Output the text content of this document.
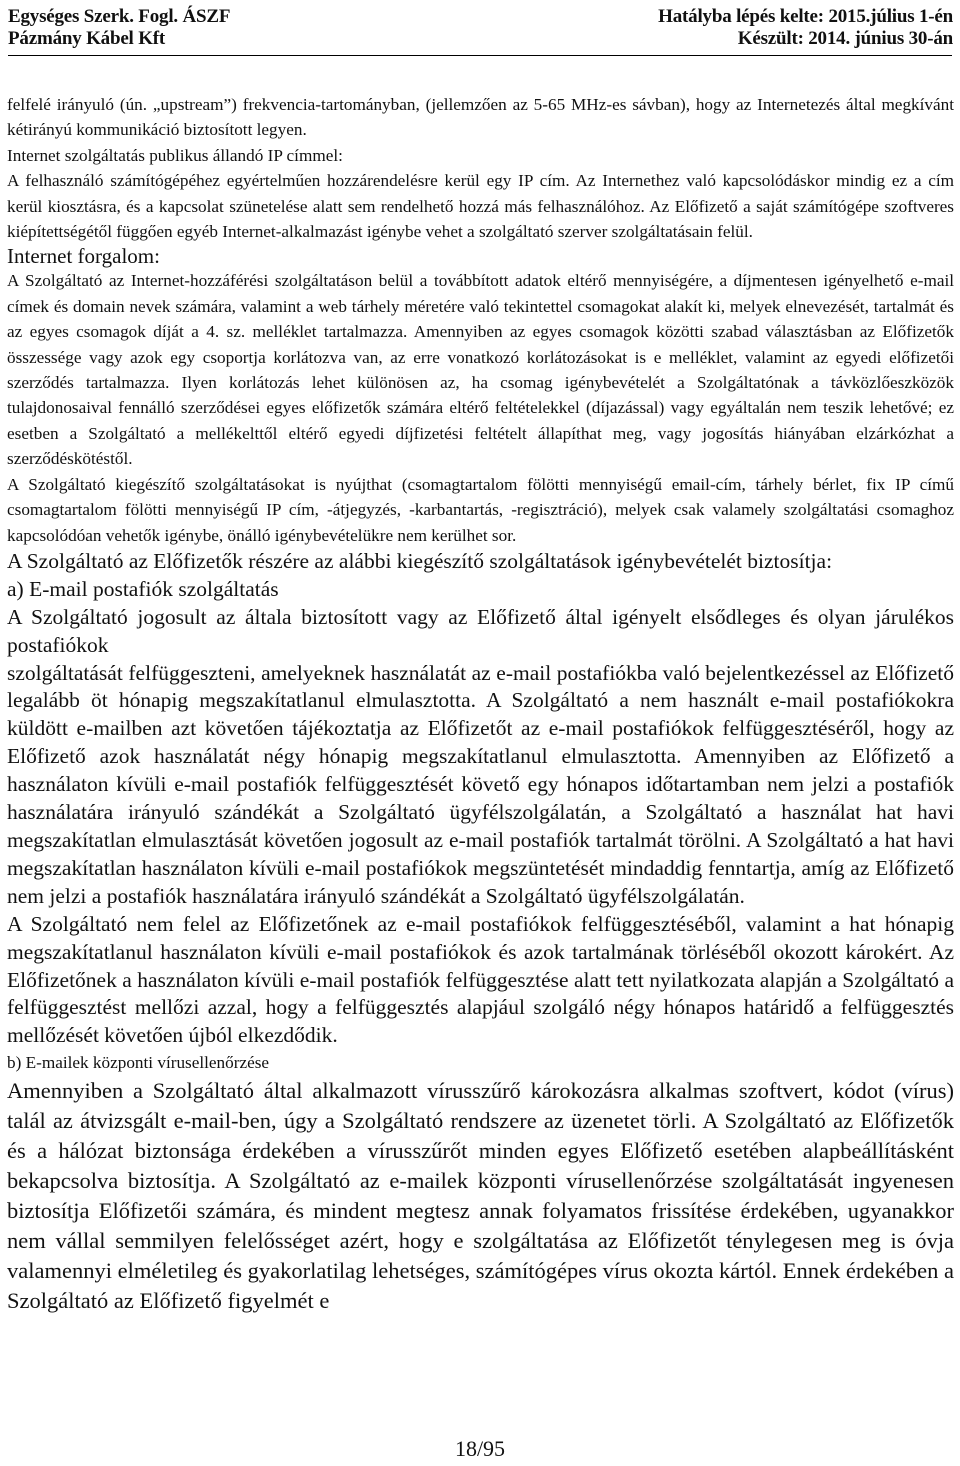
Egységes Szerk. Fogl. ÁSZF
Pázmány Kábel Kft
Hatályba lépés kelte: 2015.július 1-én
Készült: 2014. június 30-án

felfelé irányuló (ún. „upstream”) frekvencia-tartományban, (jellemzően az 5-65 MHz-es sávban), hogy az Internetezés által megkívánt kétirányú kommunikáció biztosított legyen.

Internet szolgáltatás publikus állandó IP címmel:

A felhasználó számítógépéhez egyértelműen hozzárendelésre kerül egy IP cím. Az Internethez való kapcsolódáskor mindig ez a cím kerül kiosztásra, és a kapcsolat szünetelése alatt sem rendelhető hozzá más felhasználóhoz. Az Előfizető a saját számítógépe szoftveres kiépítettségétől függően egyéb Internet-alkalmazást igénybe vehet a szolgáltató szerver szolgáltatásain felül.

Internet forgalom:

A Szolgáltató az Internet-hozzáférési szolgáltatáson belül a továbbított adatok eltérő mennyiségére, a díjmentesen igényelhető e-mail címek és domain nevek számára, valamint a web tárhely méretére való tekintettel csomagokat alakít ki, melyek elnevezését, tartalmát és az egyes csomagok díját a 4. sz. melléklet tartalmazza. Amennyiben az egyes csomagok közötti szabad választásban az Előfizetők összessége vagy azok egy csoportja korlátozva van, az erre vonatkozó korlátozásokat is e melléklet, valamint az egyedi előfizetői szerződés tartalmazza. Ilyen korlátozás lehet különösen az, ha csomag igénybevételét a Szolgáltatónak a távközlőeszközök tulajdonosaival fennálló szerződései egyes előfizetők számára eltérő feltételekkel (díjazással) vagy egyáltalán nem teszik lehetővé; ez esetben a Szolgáltató a mellékelttől eltérő egyedi díjfizetési feltételt állapíthat meg, vagy jogosítás hiányában elzárkózhat a szerződéskötéstől.

A Szolgáltató kiegészítő szolgáltatásokat is nyújthat (csomagtartalom fölötti mennyiségű email-cím, tárhely bérlet, fix IP című csomagtartalom fölötti mennyiségű IP cím, -átjegyzés, -karbantartás, -regisztráció), melyek csak valamely szolgáltatási csomaghoz kapcsolódóan vehetők igénybe, önálló igénybevételükre nem kerülhet sor.

A Szolgáltató az Előfizetők részére az alábbi kiegészítő szolgáltatások igénybevételét biztosítja:

a) E-mail postafiók szolgáltatás

A Szolgáltató jogosult az általa biztosított vagy az Előfizető által igényelt elsődleges és olyan járulékos postafiókok

szolgáltatását felfüggeszteni, amelyeknek használatát az e-mail postafiókba való bejelentkezéssel az Előfizető legalább öt hónapig megszakítatlanul elmulasztotta. A Szolgáltató a nem használt e-mail postafiókokra küldött e-mailben azt követően tájékoztatja az Előfizetőt az e-mail postafiókok felfüggesztéséről, hogy az Előfizető azok használatát négy hónapig megszakítatlanul elmulasztotta. Amennyiben az Előfizető a használaton kívüli e-mail postafiók felfüggesztését követő egy hónapos időtartamban nem jelzi a postafiók használatára irányuló szándékát a Szolgáltató ügyfélszolgálatán, a Szolgáltató a használat hat havi megszakítatlan elmulasztását követően jogosult az e-mail postafiók tartalmát törölni. A Szolgáltató a hat havi megszakítatlan használaton kívüli e-mail postafiókok megszüntetését mindaddig fenntartja, amíg az Előfizető nem jelzi a postafiók használatára irányuló szándékát a Szolgáltató ügyfélszolgálatán.

A Szolgáltató nem felel az Előfizetőnek az e-mail postafiókok felfüggesztéséből, valamint a hat hónapig megszakítatlanul használaton kívüli e-mail postafiókok és azok tartalmának törléséből okozott károkért. Az Előfizetőnek a használaton kívüli e-mail postafiók felfüggesztése alatt tett nyilatkozata alapján a Szolgáltató a felfüggesztést mellőzi azzal, hogy a felfüggesztés alapjául szolgáló négy hónapos határidő a felfüggesztés mellőzését követően újból elkezdődik.

b) E-mailek központi vírusellenőrzése

Amennyiben a Szolgáltató által alkalmazott vírusszűrő károkozásra alkalmas szoftvert, kódot (vírus) talál az átvizsgált e-mail-ben, úgy a Szolgáltató rendszere az üzenetet törli. A Szolgáltató az Előfizetők és a hálózat biztonsága érdekében a vírusszűrőt minden egyes Előfizető esetében alapbeállításként bekapcsolva biztosítja. A Szolgáltató az e-mailek központi vírusellenőrzése szolgáltatását ingyenesen biztosítja Előfizetői számára, és mindent megtesz annak folyamatos frissítése érdekében, ugyanakkor nem vállal semmilyen felelősséget azért, hogy e szolgáltatása az Előfizetőt ténylegesen meg is óvja valamennyi elméletileg és gyakorlatilag lehetséges, számítógépes vírus okozta kártól. Ennek érdekében a Szolgáltató az Előfizető figyelmét e

18/95
